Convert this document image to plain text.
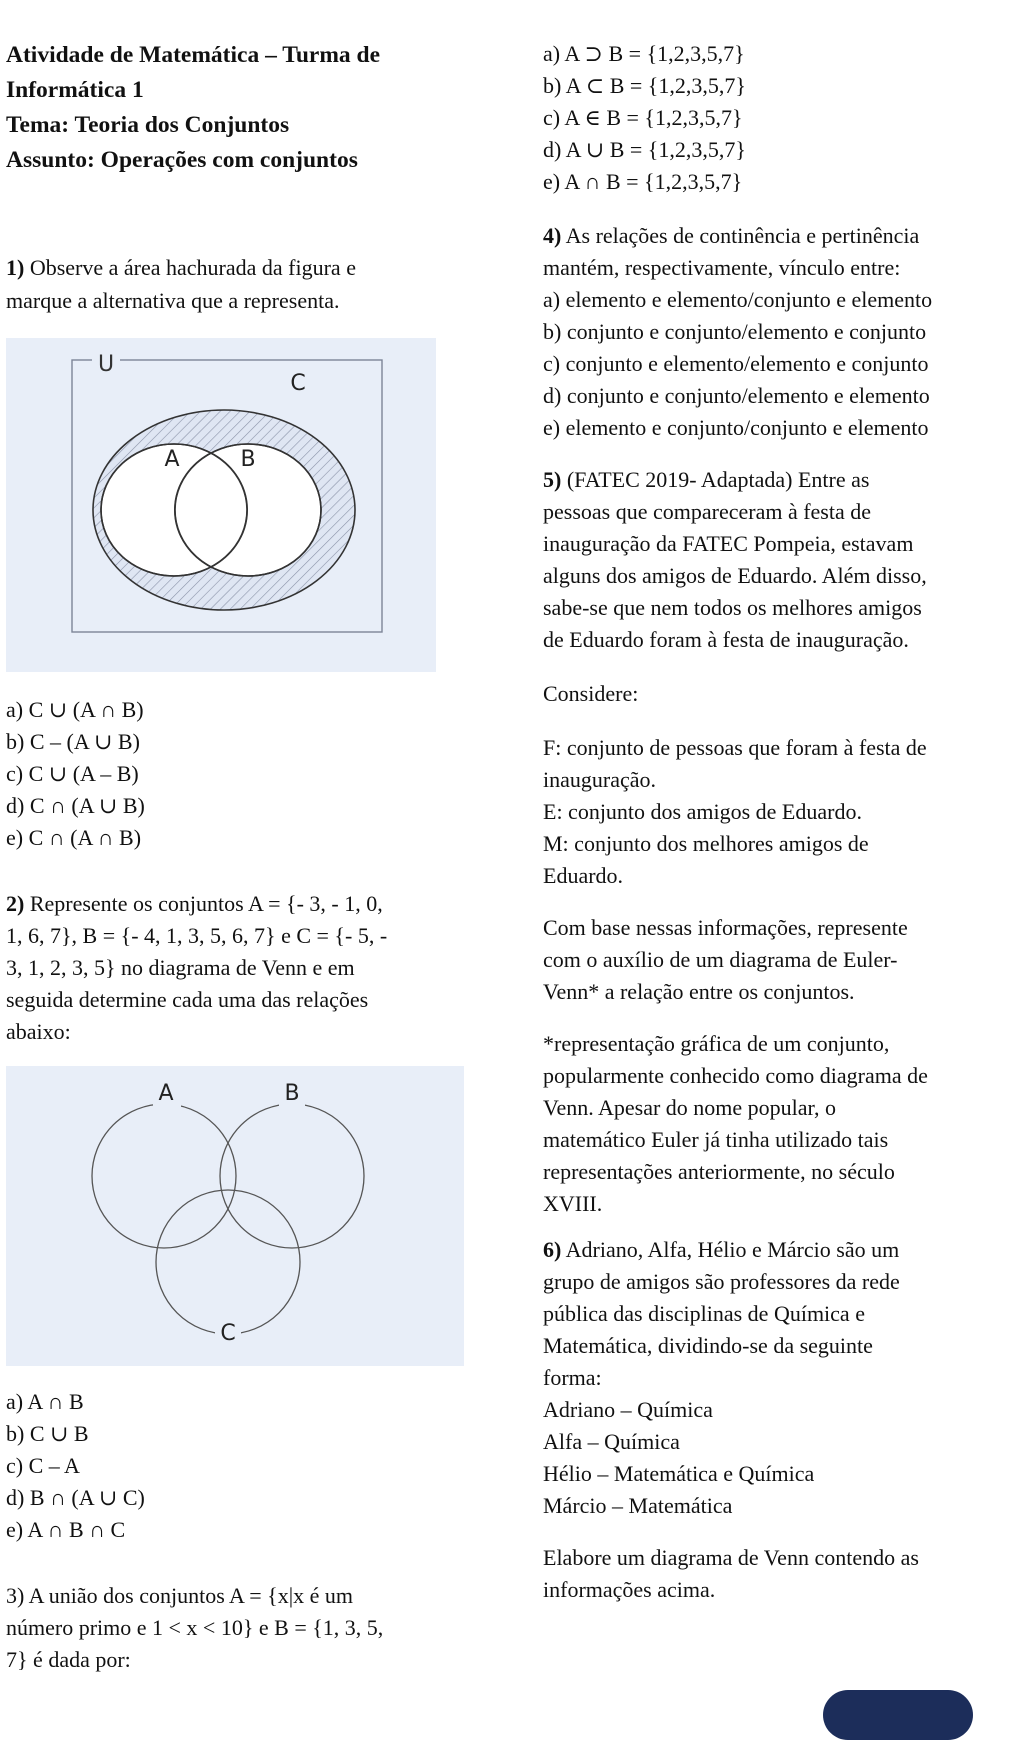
Atividade de Matemática – Turma de
Informática 1
Tema: Teoria dos Conjuntos
Assunto: Operações com conjuntos
1) Observe a área hachurada da figura e
marque a alternativa que a representa.
U
A	B
C
a) C ∪ (A ∩ B)
b) C – (A ∪ B)
c) C ∪ (A – B)
d) C ∩ (A ∪ B)
e) C ∩ (A ∩ B)
2) Represente os conjuntos A = {- 3, - 1, 0,
1, 6, 7}, B = {- 4, 1, 3, 5, 6, 7} e C = {- 5, -
3, 1, 2, 3, 5} no diagrama de Venn e em
seguida determine cada uma das relações
abaixo:
A	B
C
a) A ∩ B
b) C ∪ B
c) C – A
d) B ∩ (A ∪ C)
e) A ∩ B ∩ C
3) A união dos conjuntos A = {x|x é um
número primo e 1 < x < 10} e B = {1, 3, 5,
7} é dada por:
a) A ⊃ B = {1,2,3,5,7}
b) A ⊂ B = {1,2,3,5,7}
c) A ∈ B = {1,2,3,5,7}
d) A ∪ B = {1,2,3,5,7}
e) A ∩ B = {1,2,3,5,7}
4) As relações de continência e pertinência
mantém, respectivamente, vínculo entre:
a) elemento e elemento/conjunto e elemento
b) conjunto e conjunto/elemento e conjunto
c) conjunto e elemento/elemento e conjunto
d) conjunto e conjunto/elemento e elemento
e) elemento e conjunto/conjunto e elemento
5) (FATEC 2019- Adaptada) Entre as
pessoas que compareceram à festa de
inauguração da FATEC Pompeia, estavam
alguns dos amigos de Eduardo. Além disso,
sabe-se que nem todos os melhores amigos
de Eduardo foram à festa de inauguração.
Considere:
F: conjunto de pessoas que foram à festa de
inauguração.
E: conjunto dos amigos de Eduardo.
M: conjunto dos melhores amigos de
Eduardo.
Com base nessas informações, represente
com o auxílio de um diagrama de Euler-
Venn* a relação entre os conjuntos.
*representação gráfica de um conjunto,
popularmente conhecido como diagrama de
Venn. Apesar do nome popular, o
matemático Euler já tinha utilizado tais
representações anteriormente, no século
XVIII.
6) Adriano, Alfa, Hélio e Márcio são um
grupo de amigos são professores da rede
pública das disciplinas de Química e
Matemática, dividindo-se da seguinte
forma:
Adriano – Química
Alfa – Química
Hélio – Matemática e Química
Márcio – Matemática
Elabore um diagrama de Venn contendo as
informações acima.
